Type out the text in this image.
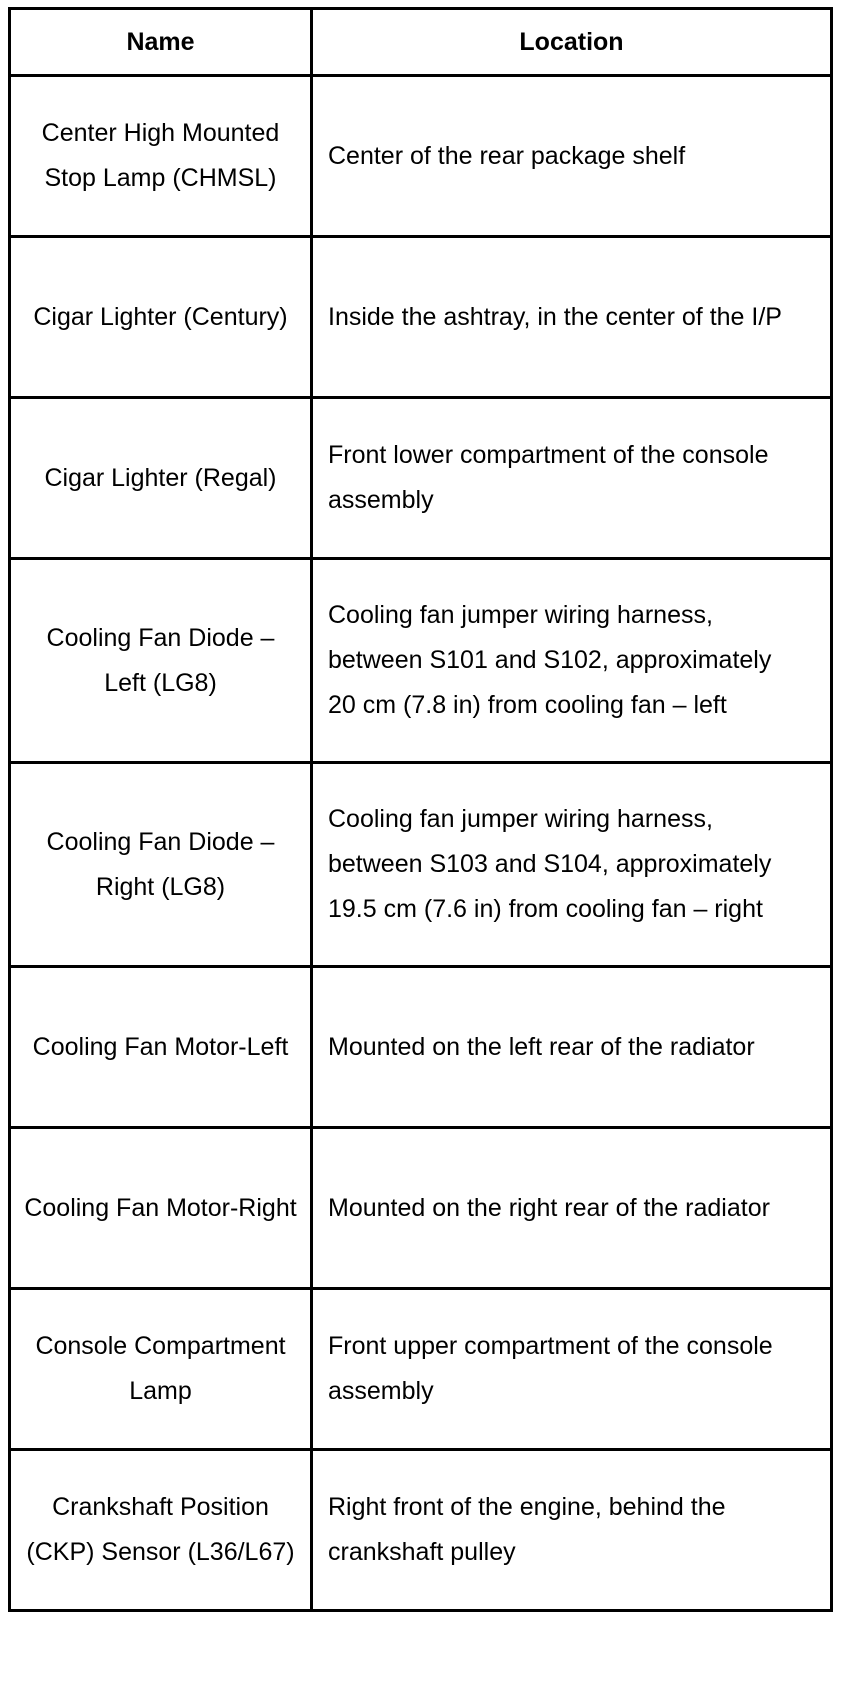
Name	Location
Center High Mounted Stop Lamp (CHMSL)	Center of the rear package shelf
Cigar Lighter (Century)	Inside the ashtray, in the center of the I/P
Cigar Lighter (Regal)	Front lower compartment of the console assembly
Cooling Fan Diode – Left (LG8)	Cooling fan jumper wiring harness, between S101 and S102, approximately 20 cm (7.8 in) from cooling fan – left
Cooling Fan Diode – Right (LG8)	Cooling fan jumper wiring harness, between S103 and S104, approximately 19.5 cm (7.6 in) from cooling fan – right
Cooling Fan Motor-Left	Mounted on the left rear of the radiator
Cooling Fan Motor-Right	Mounted on the right rear of the radiator
Console Compartment Lamp	Front upper compartment of the console assembly
Crankshaft Position (CKP) Sensor (L36/L67)	Right front of the engine, behind the crankshaft pulley
